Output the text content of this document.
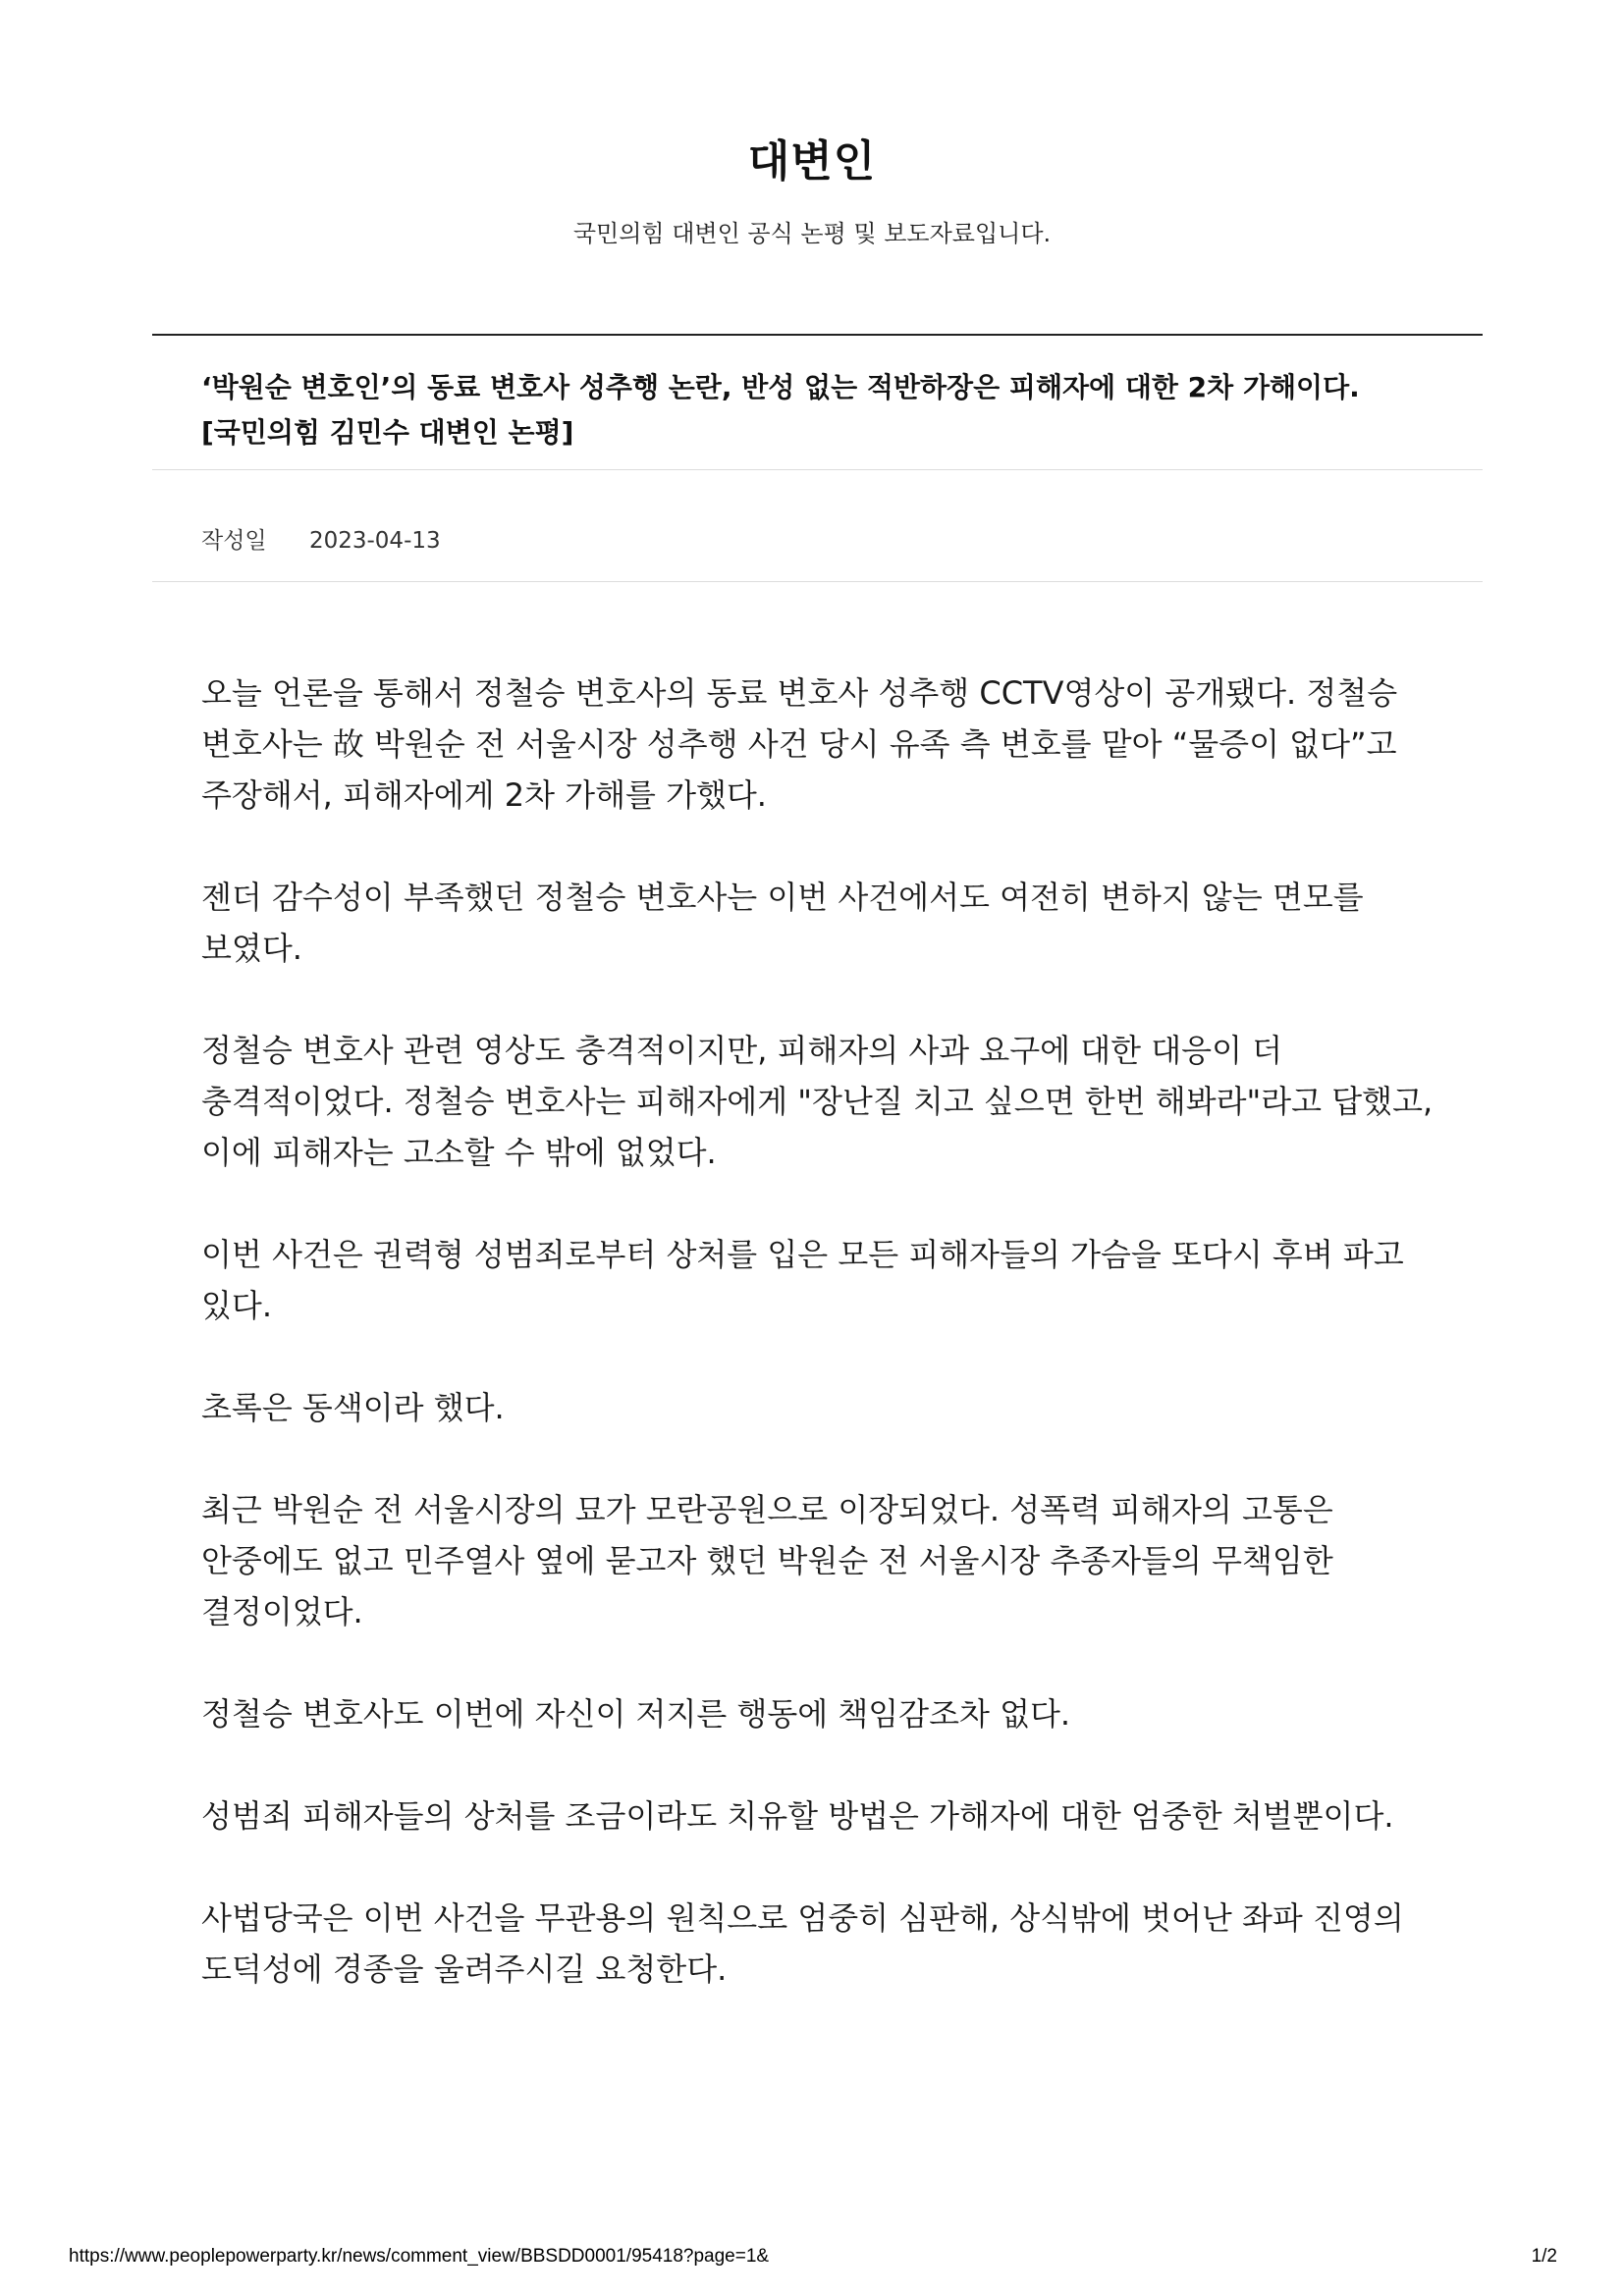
대변인
국민의힘 대변인 공식 논평 및 보도자료입니다.
‘박원순 변호인’의 동료 변호사 성추행 논란, 반성 없는 적반하장은 피해자에 대한 2차 가해이다.
[국민의힘 김민수 대변인 논평]
작성일 2023-04-13

오늘 언론을 통해서 정철승 변호사의 동료 변호사 성추행 CCTV영상이 공개됐다. 정철승 변호사는 故 박원순 전 서울시장 성추행 사건 당시 유족 측 변호를 맡아 “물증이 없다”고 주장해서, 피해자에게 2차 가해를 가했다.

젠더 감수성이 부족했던 정철승 변호사는 이번 사건에서도 여전히 변하지 않는 면모를 보였다.

정철승 변호사 관련 영상도 충격적이지만, 피해자의 사과 요구에 대한 대응이 더 충격적이었다. 정철승 변호사는 피해자에게 "장난질 치고 싶으면 한번 해봐라"라고 답했고, 이에 피해자는 고소할 수 밖에 없었다.

이번 사건은 권력형 성범죄로부터 상처를 입은 모든 피해자들의 가슴을 또다시 후벼 파고 있다.

초록은 동색이라 했다.

최근 박원순 전 서울시장의 묘가 모란공원으로 이장되었다. 성폭력 피해자의 고통은 안중에도 없고 민주열사 옆에 묻고자 했던 박원순 전 서울시장 추종자들의 무책임한 결정이었다.

정철승 변호사도 이번에 자신이 저지른 행동에 책임감조차 없다.

성범죄 피해자들의 상처를 조금이라도 치유할 방법은 가해자에 대한 엄중한 처벌뿐이다.

사법당국은 이번 사건을 무관용의 원칙으로 엄중히 심판해, 상식밖에 벗어난 좌파 진영의 도덕성에 경종을 울려주시길 요청한다.

https://www.peoplepowerparty.kr/news/comment_view/BBSDD0001/95418?page=1&	1/2
